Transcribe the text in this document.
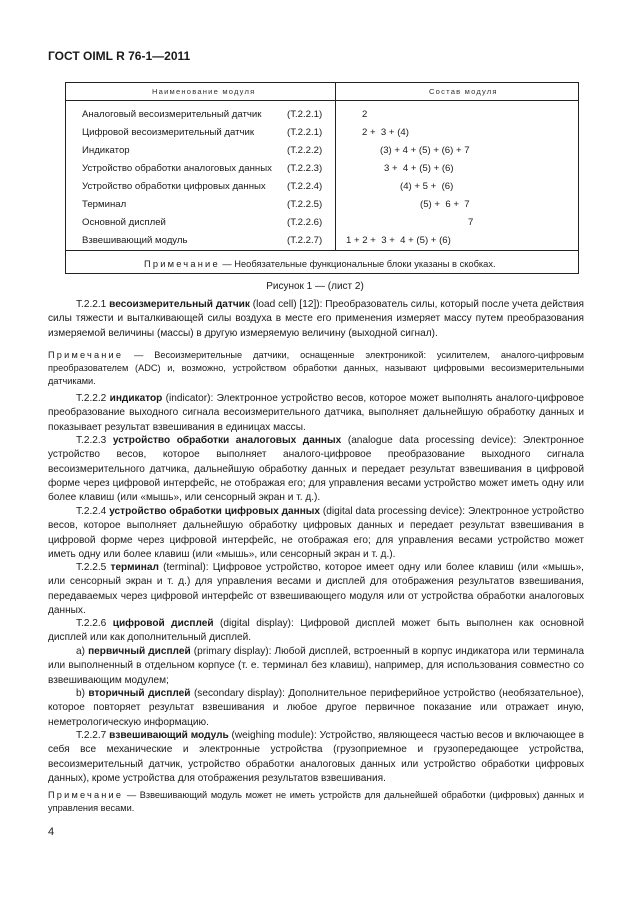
ГОСТ OIML R 76-1—2011
Наименование модуля	Состав модуля
Аналоговый весоизмерительный датчик	(Т.2.2.1)	2
Цифровой весоизмерительный датчик	(Т.2.2.1)	2 +  3 + (4)
Индикатор	(Т.2.2.2)	(3) + 4 + (5) + (6) + 7
Устройство обработки аналоговых данных (Т.2.2.3)	3 +  4 + (5) + (6)
Устройство обработки цифровых данных (Т.2.2.4)	(4) + 5 +  (6)
Терминал	(Т.2.2.5)	(5) +  6 +  7
Основной дисплей	(Т.2.2.6)	7
Взвешивающий модуль	(Т.2.2.7) 1 + 2 +  3 +  4 + (5) + (6)
Примечание — Необязательные функциональные блоки указаны в скобках.
Рисунок 1 — (лист 2)
Т.2.2.1 весоизмерительный датчик (load cell) [12]): Преобразователь силы, который после учета действия силы тяжести и выталкивающей силы воздуха в месте его применения измеряет массу путем преобразования измеряемой величины (массы) в другую измеряемую величину (выходной сигнал).
Примечание — Весоизмерительные датчики, оснащенные электроникой: усилителем, аналого-цифровым преобразователем (ADC) и, возможно, устройством обработки данных, называют цифровыми весоизмерительными датчиками.
Т.2.2.2 индикатор (indicator): Электронное устройство весов, которое может выполнять аналого-цифровое преобразование выходного сигнала весоизмерительного датчика, выполняет дальнейшую обработку данных и показывает результат взвешивания в единицах массы.
Т.2.2.3 устройство обработки аналоговых данных (analogue data processing device): Электронное устройство весов, которое выполняет аналого-цифровое преобразование выходного сигнала весоизмерительного датчика, дальнейшую обработку данных и передает результат взвешивания в цифровой форме через цифровой интерфейс, не отображая его; для управления весами устройство может иметь одну или более клавиш (или «мышь», или сенсорный экран и т. д.).
Т.2.2.4 устройство обработки цифровых данных (digital data processing device): Электронное устройство весов, которое выполняет дальнейшую обработку цифровых данных и передает результат взвешивания в цифровой форме через цифровой интерфейс, не отображая его; для управления весами устройство может иметь одну или более клавиш (или «мышь», или сенсорный экран и т. д.).
Т.2.2.5 терминал (terminal): Цифровое устройство, которое имеет одну или более клавиш (или «мышь», или сенсорный экран и т. д.) для управления весами и дисплей для отображения результатов взвешивания, передаваемых через цифровой интерфейс от взвешивающего модуля или от устройства обработки аналоговых данных.
Т.2.2.6 цифровой дисплей (digital display): Цифровой дисплей может быть выполнен как основной дисплей или как дополнительный дисплей.
а) первичный дисплей (primary display): Любой дисплей, встроенный в корпус индикатора или терминала или выполненный в отдельном корпусе (т. е. терминал без клавиш), например, для использования совместно со взвешивающим модулем;
b) вторичный дисплей (secondary display): Дополнительное периферийное устройство (необязательное), которое повторяет результат взвешивания и любое другое первичное показание или отражает иную, неметрологическую информацию.
Т.2.2.7 взвешивающий модуль (weighing module): Устройство, являющееся частью весов и включающее в себя все механические и электронные устройства (грузоприемное и грузопередающее устройства, весоизмерительный датчик, устройство обработки аналоговых данных или устройство обработки цифровых данных), кроме устройства для отображения результатов взвешивания.
Примечание — Взвешивающий модуль может не иметь устройств для дальнейшей обработки (цифровых) данных и управления весами.
4
